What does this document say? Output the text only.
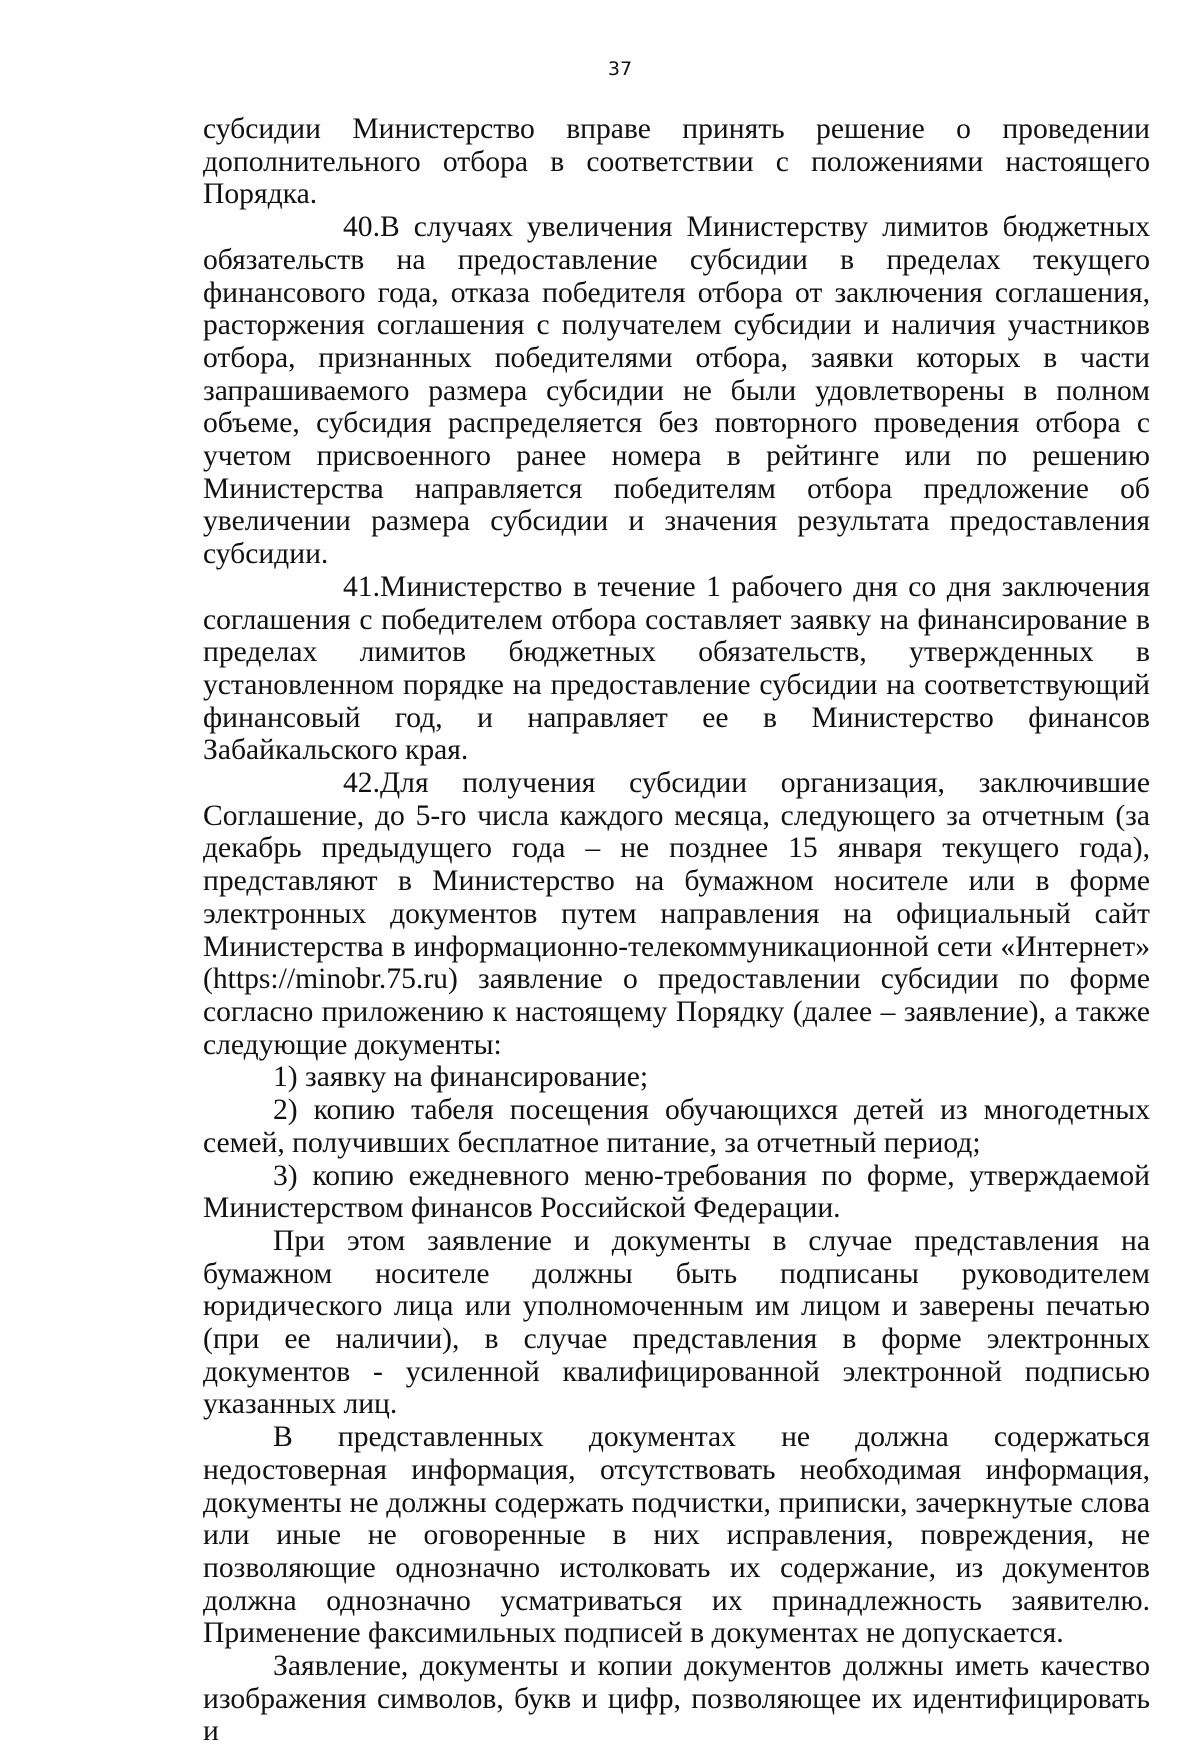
37

субсидии Министерство вправе принять решение о проведении дополнительного отбора в соответствии с положениями настоящего Порядка.

40.В случаях увеличения Министерству лимитов бюджетных обязательств на предоставление субсидии в пределах текущего финансового года, отказа победителя отбора от заключения соглашения, расторжения соглашения с получателем субсидии и наличия участников отбора, признанных победителями отбора, заявки которых в части запрашиваемого размера субсидии не были удовлетворены в полном объеме, субсидия распределяется без повторного проведения отбора с учетом присвоенного ранее номера в рейтинге или по решению Министерства направляется победителям отбора предложение об увеличении размера субсидии и значения результата предоставления субсидии.

41.Министерство в течение 1 рабочего дня со дня заключения соглашения с победителем отбора составляет заявку на финансирование в пределах лимитов бюджетных обязательств, утвержденных в установленном порядке на предоставление субсидии на соответствующий финансовый год, и направляет ее в Министерство финансов Забайкальского края.

42.Для получения субсидии организация, заключившие Соглашение, до 5-го числа каждого месяца, следующего за отчетным (за декабрь предыдущего года – не позднее 15 января текущего года), представляют в Министерство на бумажном носителе или в форме электронных документов путем направления на официальный сайт Министерства в информационно-телекоммуникационной сети «Интернет» (https://minobr.75.ru) заявление о предоставлении субсидии по форме согласно приложению к настоящему Порядку (далее – заявление), а также следующие документы:

1) заявку на финансирование;

2) копию табеля посещения обучающихся детей из многодетных семей, получивших бесплатное питание, за отчетный период;

3) копию ежедневного меню-требования по форме, утверждаемой Министерством финансов Российской Федерации.

При этом заявление и документы в случае представления на бумажном носителе должны быть подписаны руководителем юридического лица или уполномоченным им лицом и заверены печатью (при ее наличии), в случае представления в форме электронных документов - усиленной квалифицированной электронной подписью указанных лиц.

В представленных документах не должна содержаться недостоверная информация, отсутствовать необходимая информация, документы не должны содержать подчистки, приписки, зачеркнутые слова или иные не оговоренные в них исправления, повреждения, не позволяющие однозначно истолковать их содержание, из документов должна однозначно усматриваться их принадлежность заявителю. Применение факсимильных подписей в документах не допускается.

Заявление, документы и копии документов должны иметь качество изображения символов, букв и цифр, позволяющее их идентифицировать и
